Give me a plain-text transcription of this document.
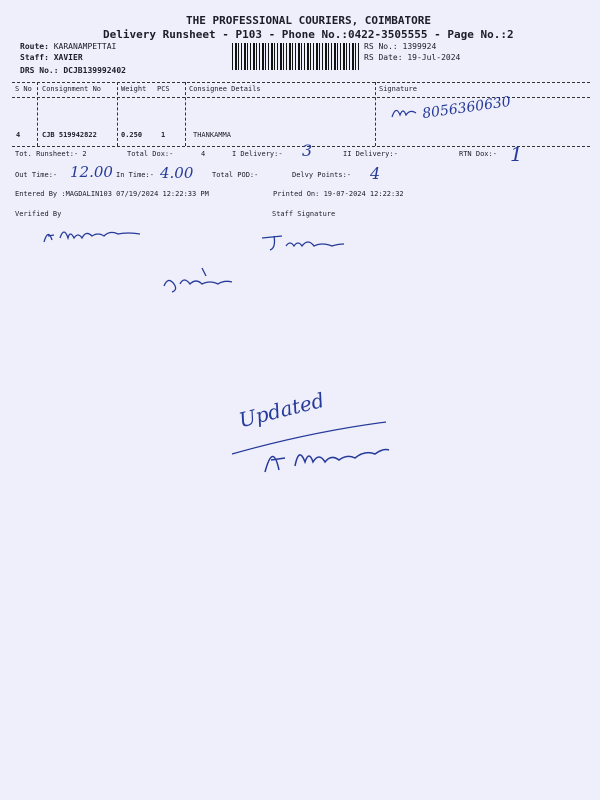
THE PROFESSIONAL COURIERS, COIMBATORE
Delivery Runsheet - P103 - Phone No.:0422-3505555 - Page No.:2
Route: KARANAMPETTAI
Staff: XAVIER
DRS No.: DCJB139992402
RS No.: 1399924
RS Date: 19-Jul-2024
S No Consignment No	Weight PCS	Consignee Details	Signature
4	CJB 519942822	0.250	1	THANKAMMA
8056360630
Tot. Runsheet:- 2	Total Dox:-	4	I Delivery:- 3	II Delivery:-	RTN Dox:- 1
Out Time:- 12.00 In Time:- 4.00	Total POD:-	Delvy Points:- 4
Entered By :MAGDALIN103 07/19/2024 12:22:33 PM	Printed On: 19-07-2024 12:22:32
Verified By	Staff Signature
Updated
